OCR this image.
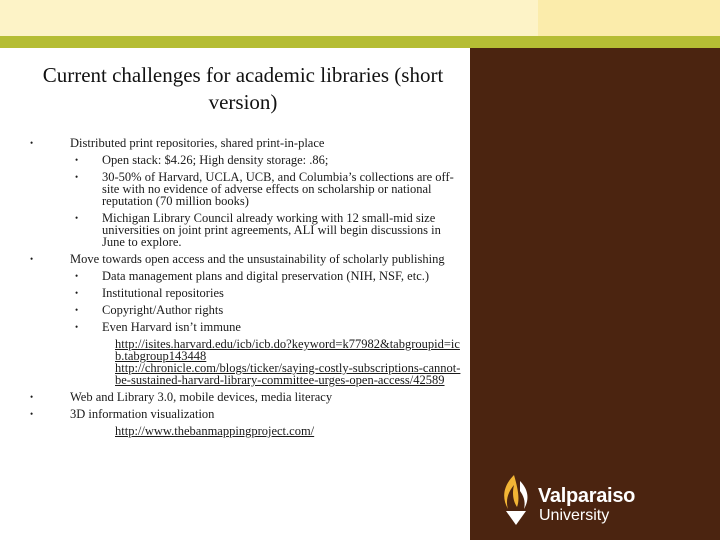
Current challenges for academic libraries (short version)
•	Distributed print repositories, shared print-in-place
• Open stack: $4.26; High density storage: .86;
• 30-50% of Harvard, UCLA, UCB, and Columbia’s collections are off-site with no evidence of adverse effects on scholarship or national reputation (70 million books)
• Michigan Library Council already working with 12 small-mid size universities on joint print agreements, ALI will begin discussions in June to explore.
•	Move towards open access and the unsustainability of scholarly publishing
• Data management plans and digital preservation (NIH, NSF, etc.)
• Institutional repositories
• Copyright/Author rights
• Even Harvard isn’t immune
http://isites.harvard.edu/icb/icb.do?keyword=k77982&tabgroupid=icb.tabgroup143448
http://chronicle.com/blogs/ticker/saying-costly-subscriptions-cannot-be-sustained-harvard-library-committee-urges-open-access/42589
•	Web and Library 3.0, mobile devices, media literacy
•	3D information visualization
http://www.thebanmappingproject.com/
Valparaiso
University
